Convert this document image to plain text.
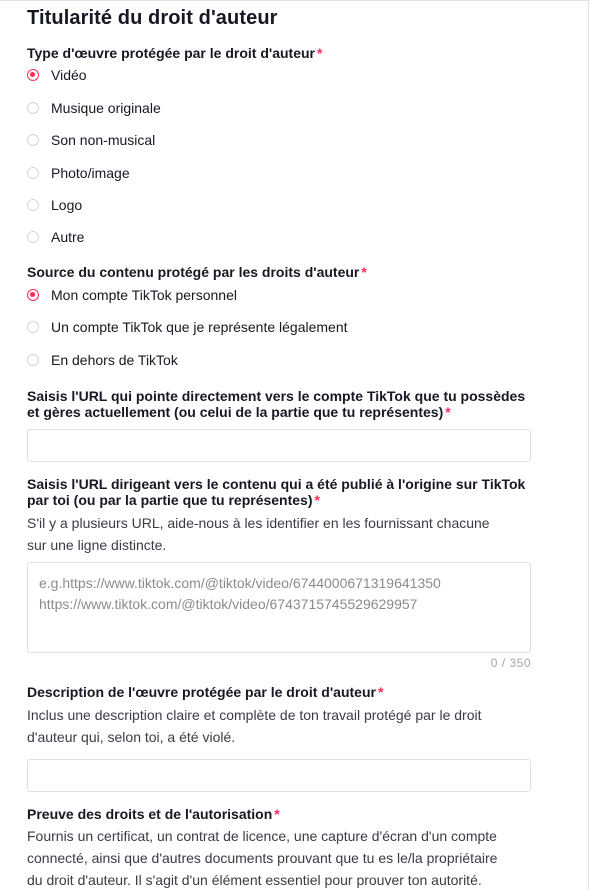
Titularité du droit d'auteur
Type d'œuvre protégée par le droit d'auteur *
Vidéo
Musique originale
Son non-musical
Photo/image
Logo
Autre
Source du contenu protégé par les droits d'auteur *
Mon compte TikTok personnel
Un compte TikTok que je représente légalement
En dehors de TikTok
Saisis l'URL qui pointe directement vers le compte TikTok que tu possèdes
et gères actuellement (ou celui de la partie que tu représentes) *
Saisis l'URL dirigeant vers le contenu qui a été publié à l'origine sur TikTok
par toi (ou par la partie que tu représentes) *
S'il y a plusieurs URL, aide-nous à les identifier en les fournissant chacune
sur une ligne distincte.
e.g.https://www.tiktok.com/@tiktok/video/6744000671319641350
https://www.tiktok.com/@tiktok/video/6743715745529629957
0 / 350
Description de l'œuvre protégée par le droit d'auteur *
Inclus une description claire et complète de ton travail protégé par le droit
d'auteur qui, selon toi, a été violé.
Preuve des droits et de l'autorisation *
Fournis un certificat, un contrat de licence, une capture d'écran d'un compte
connecté, ainsi que d'autres documents prouvant que tu es le/la propriétaire
du droit d'auteur. Il s'agit d'un élément essentiel pour prouver ton autorité.
